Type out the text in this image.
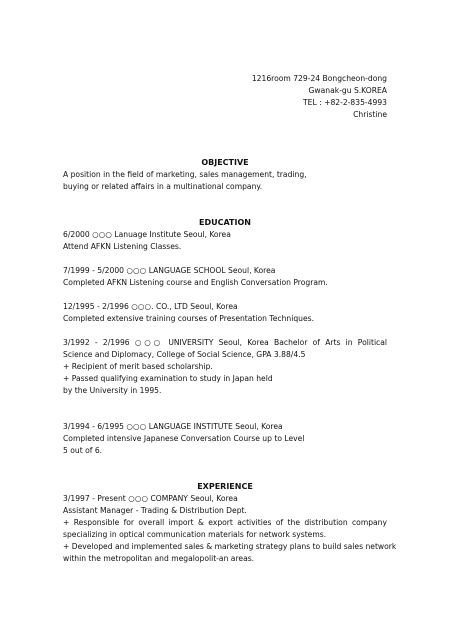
1216room 729-24 Bongcheon-dong
Gwanak-gu S.KOREA
TEL : +82-2-835-4993
Christine
OBJECTIVE
A position in the field of marketing, sales management, trading,
buying or related affairs in a multinational company.
EDUCATION
6/2000 ○○○ Lanuage Institute Seoul, Korea
Attend AFKN Listening Classes.
7/1999 - 5/2000 ○○○ LANGUAGE SCHOOL Seoul, Korea
Completed AFKN Listening course and English Conversation Program.
12/1995 - 2/1996 ○○○. CO., LTD Seoul, Korea
Completed extensive training courses of Presentation Techniques.
3/1992 - 2/1996 ○○○ UNIVERSITY Seoul, Korea Bachelor of Arts in Political
Science and Diplomacy, College of Social Science, GPA 3.88/4.5
+ Recipient of merit based scholarship.
+ Passed qualifying examination to study in Japan held
by the University in 1995.
3/1994 - 6/1995 ○○○ LANGUAGE INSTITUTE Seoul, Korea
Completed intensive Japanese Conversation Course up to Level
5 out of 6.
EXPERIENCE
3/1997 - Present ○○○ COMPANY Seoul, Korea
Assistant Manager - Trading & Distribution Dept.
+ Responsible for overall import & export activities of the distribution company
specializing in optical communication materials for network systems.
+ Developed and implemented sales & marketing strategy plans to build sales network
within the metropolitan and megalopolit-an areas.
